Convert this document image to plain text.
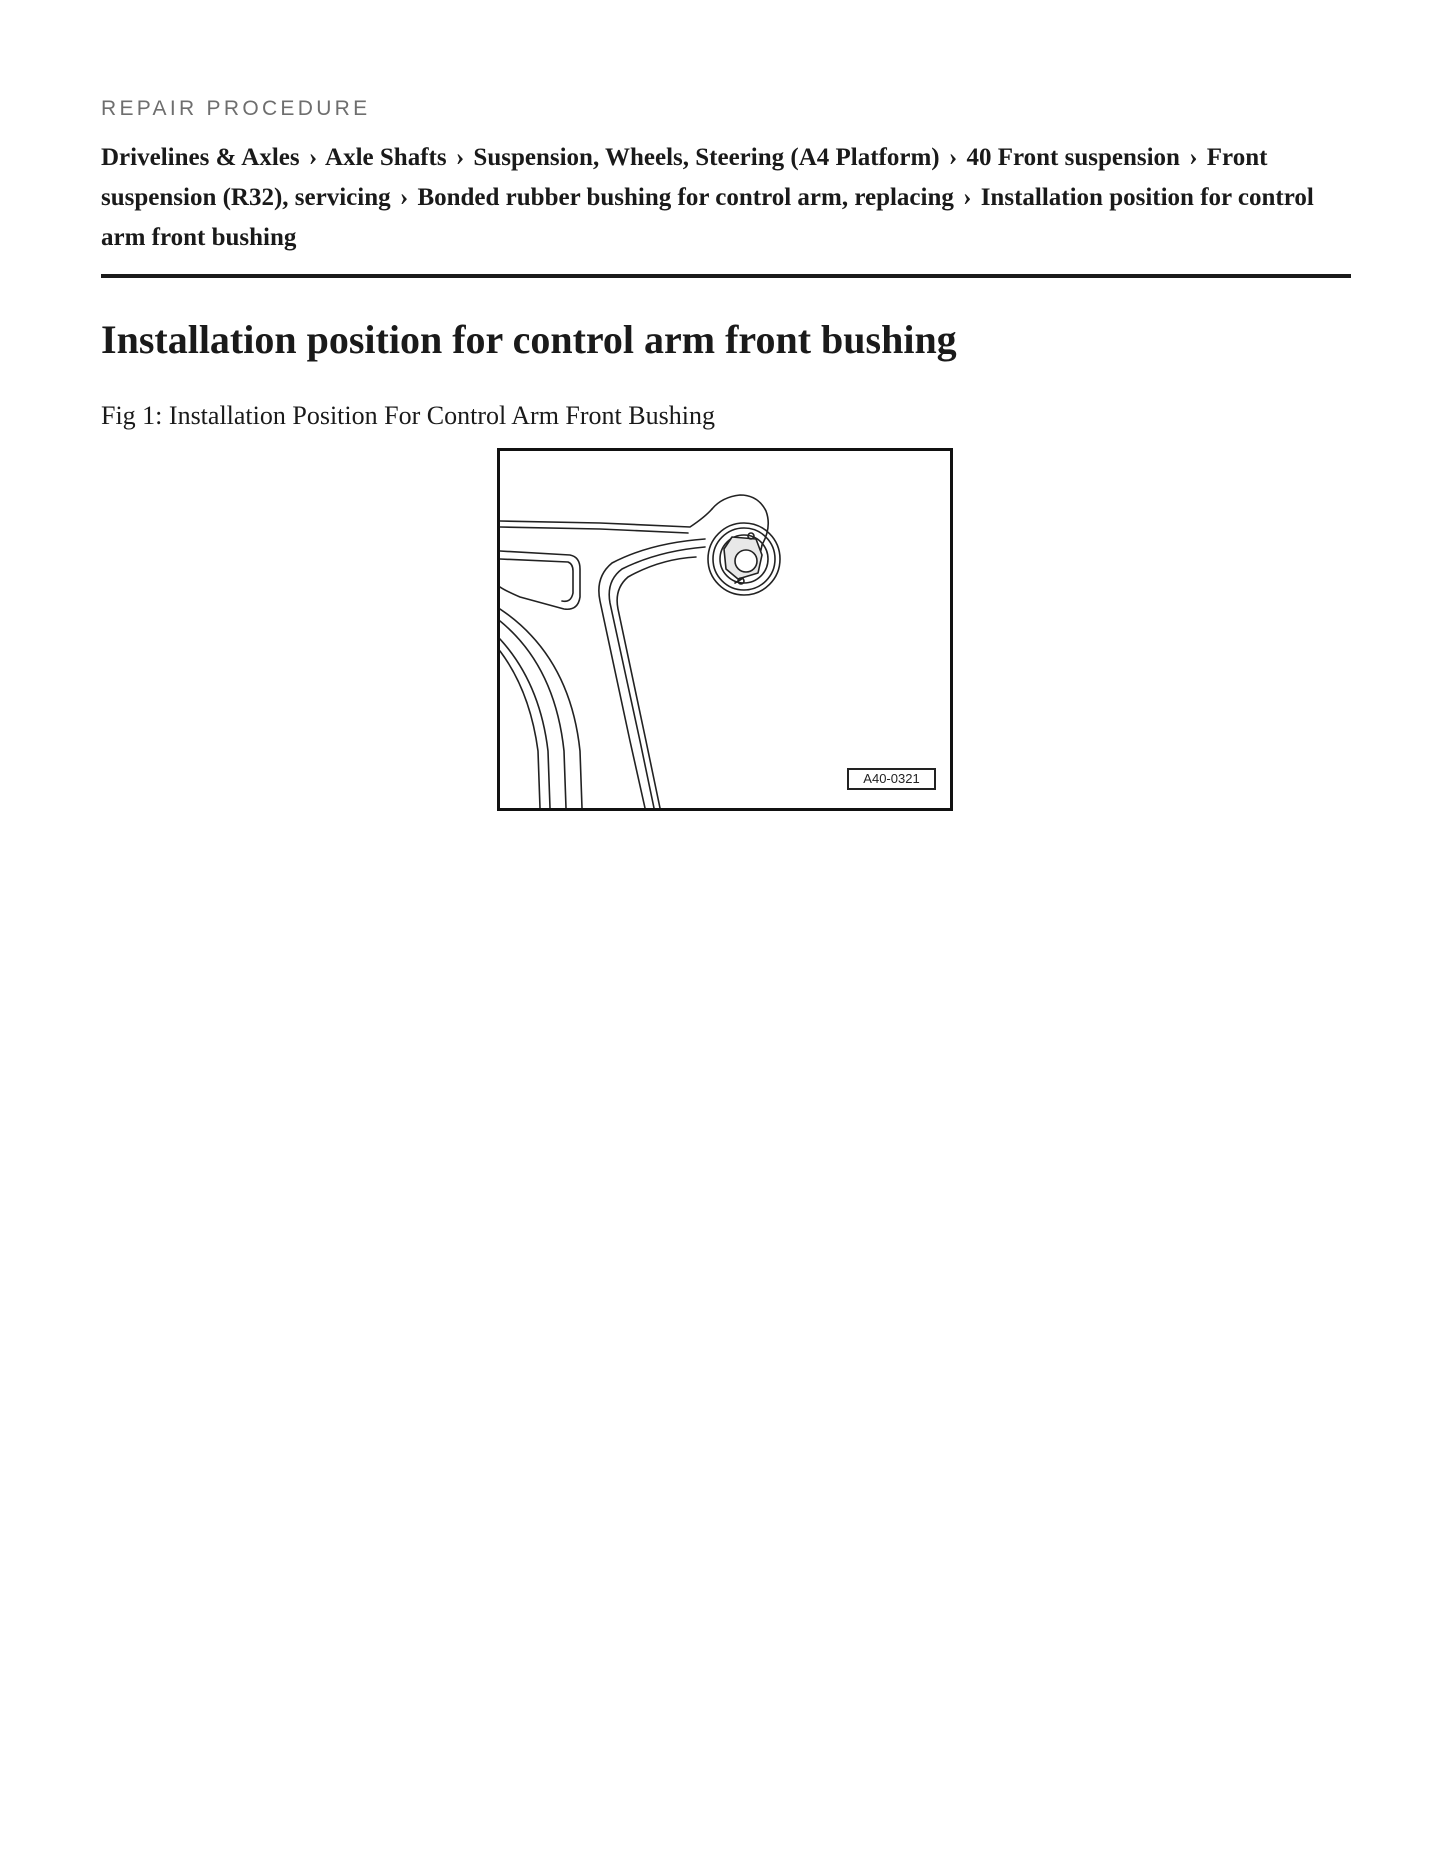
REPAIR PROCEDURE

Drivelines & Axles › Axle Shafts › Suspension, Wheels, Steering (A4 Platform) › 40 Front suspension › Front suspension (R32), servicing › Bonded rubber bushing for control arm, replacing › Installation position for control arm front bushing
Installation position for control arm front bushing
Fig 1: Installation Position For Control Arm Front Bushing
A40-0321
